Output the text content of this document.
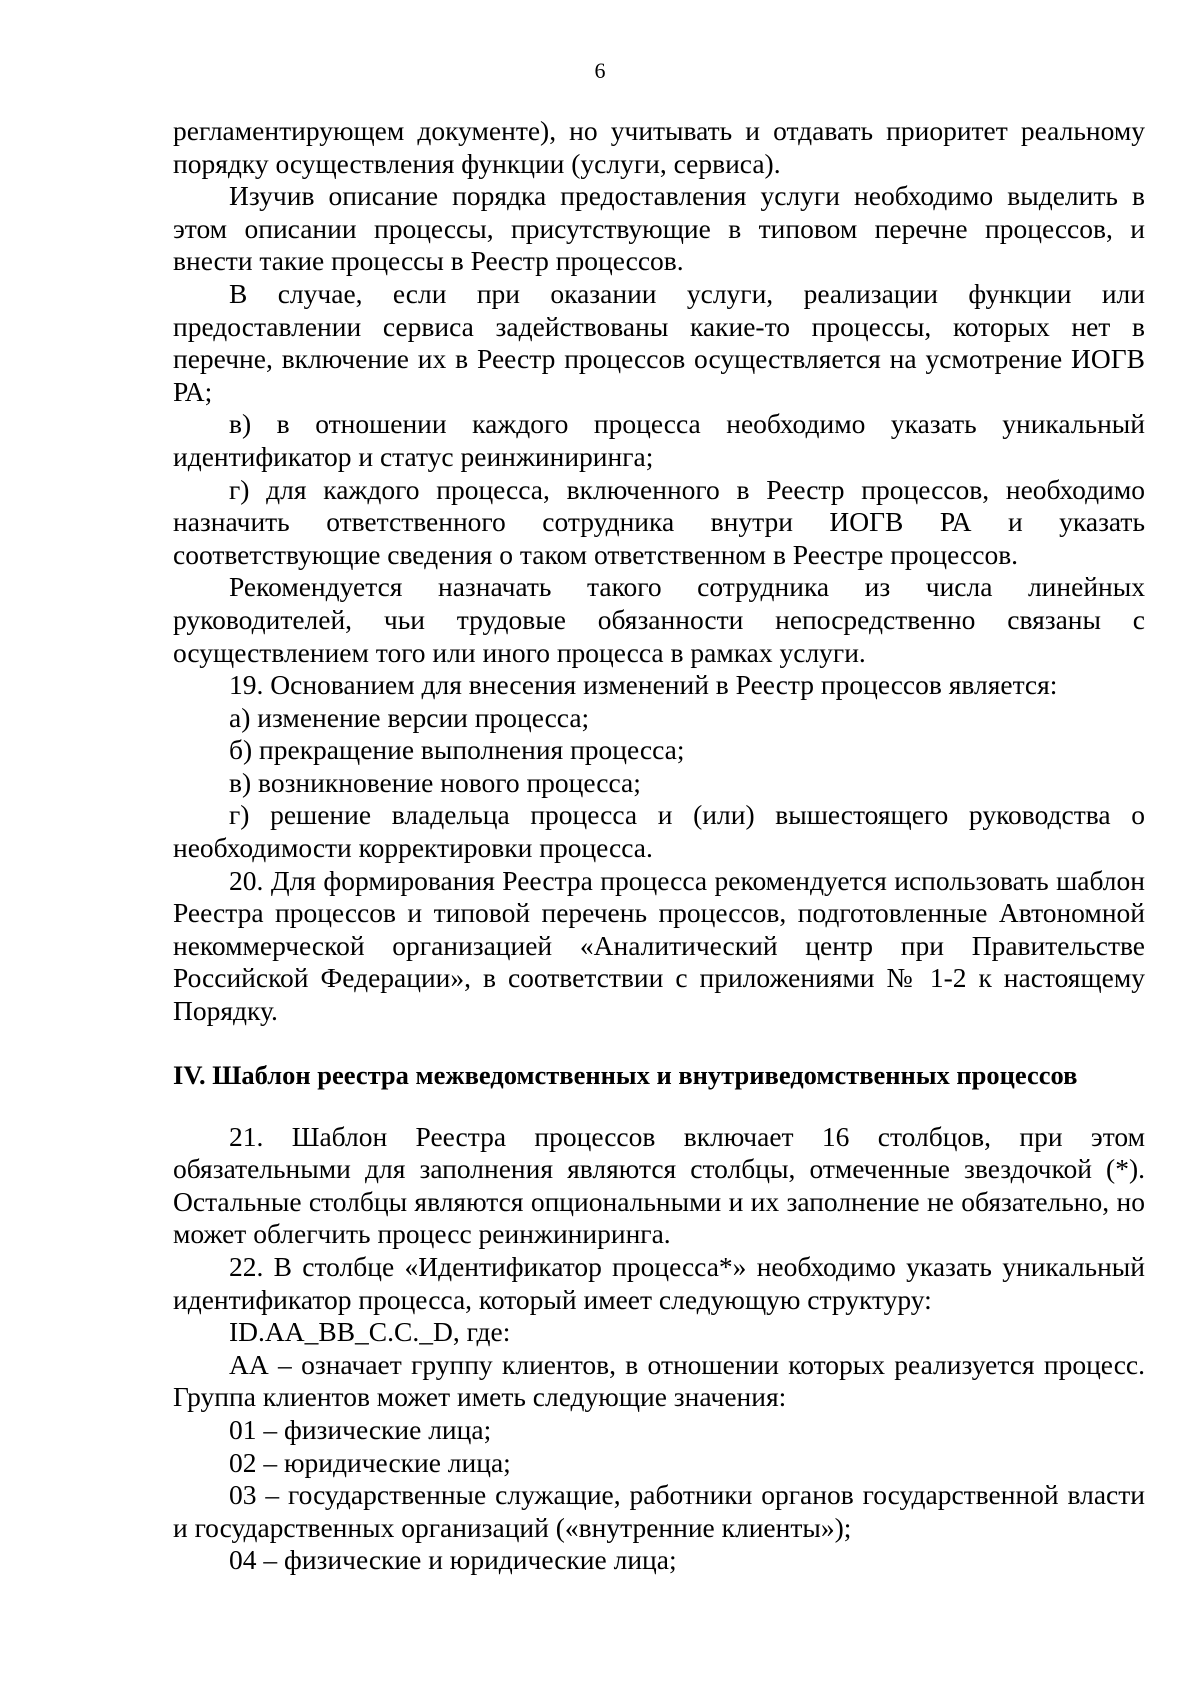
6

регламентирующем документе), но учитывать и отдавать приоритет реальному порядку осуществления функции (услуги, сервиса).

Изучив описание порядка предоставления услуги необходимо выделить в этом описании процессы, присутствующие в типовом перечне процессов, и внести такие процессы в Реестр процессов.

В случае, если при оказании услуги, реализации функции или предоставлении сервиса задействованы какие-то процессы, которых нет в перечне, включение их в Реестр процессов осуществляется на усмотрение ИОГВ РА;

в) в отношении каждого процесса необходимо указать уникальный идентификатор и статус реинжиниринга;

г) для каждого процесса, включенного в Реестр процессов, необходимо назначить ответственного сотрудника внутри ИОГВ РА и указать соответствующие сведения о таком ответственном в Реестре процессов.

Рекомендуется назначать такого сотрудника из числа линейных руководителей, чьи трудовые обязанности непосредственно связаны с осуществлением того или иного процесса в рамках услуги.

19. Основанием для внесения изменений в Реестр процессов является:

а) изменение версии процесса;

б) прекращение выполнения процесса;

в) возникновение нового процесса;

г) решение владельца процесса и (или) вышестоящего руководства о необходимости корректировки процесса.

20. Для формирования Реестра процесса рекомендуется использовать шаблон Реестра процессов и типовой перечень процессов, подготовленные Автономной некоммерческой организацией «Аналитический центр при Правительстве Российской Федерации», в соответствии с приложениями № 1-2 к настоящему Порядку.

IV. Шаблон реестра межведомственных и внутриведомственных процессов

21. Шаблон Реестра процессов включает 16 столбцов, при этом обязательными для заполнения являются столбцы, отмеченные звездочкой (*). Остальные столбцы являются опциональными и их заполнение не обязательно, но может облегчить процесс реинжиниринга.

22. В столбце «Идентификатор процесса*» необходимо указать уникальный идентификатор процесса, который имеет следующую структуру:

ID.AA_BB_C.C._D, где:

АА – означает группу клиентов, в отношении которых реализуется процесс. Группа клиентов может иметь следующие значения:

01 – физические лица;

02 – юридические лица;

03 – государственные служащие, работники органов государственной власти и государственных организаций («внутренние клиенты»);

04 – физические и юридические лица;
